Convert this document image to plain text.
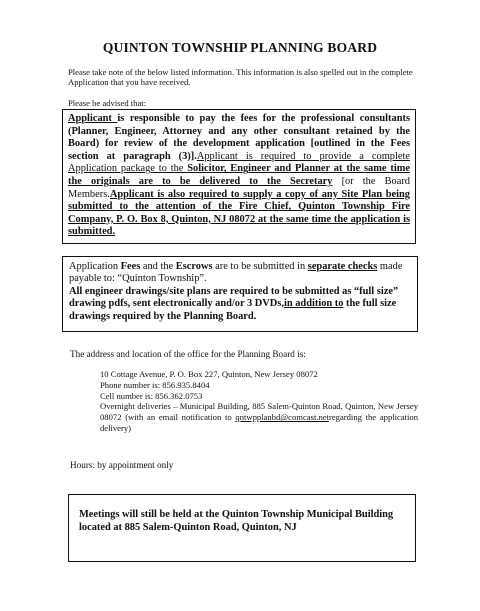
QUINTON TOWNSHIP PLANNING BOARD
Please take note of the below listed information. This information is also spelled out in the complete Application that you have received.
Please be advised that:
Applicant is responsible to pay the fees for the professional consultants (Planner, Engineer, Attorney and any other consultant retained by the Board) for review of the development application [outlined in the Fees section at paragraph (3)].Applicant is required to provide a complete Application package to the Solicitor, Engineer and Planner at the same time the originals are to be delivered to the Secretary [or the Board Members.Applicant is also required to supply a copy of any Site Plan being submitted to the attention of the Fire Chief, Quinton Township Fire Company, P. O. Box 8, Quinton, NJ 08072 at the same time the application is submitted.
Application Fees and the Escrows are to be submitted in separate checks made payable to: “Quinton Township”.
All engineer drawings/site plans are required to be submitted as “full size” drawing pdfs, sent electronically and/or 3 DVDs,in addition to the full size drawings required by the Planning Board.
The address and location of the office for the Planning Board is:
10 Cottage Avenue, P. O. Box 227, Quinton, New Jersey 08072
Phone number is: 856.935.8404
Cell number is: 856.362.0753
Overnight deliveries – Municipal Building, 885 Salem-Quinton Road, Quinton, New Jersey 08072 (with an email notification to qntwpplanbd@comcast.netregarding the application delivery)
Hours: by appointment only
Meetings will still be held at the Quinton Township Municipal Building located at 885 Salem-Quinton Road, Quinton, NJ
